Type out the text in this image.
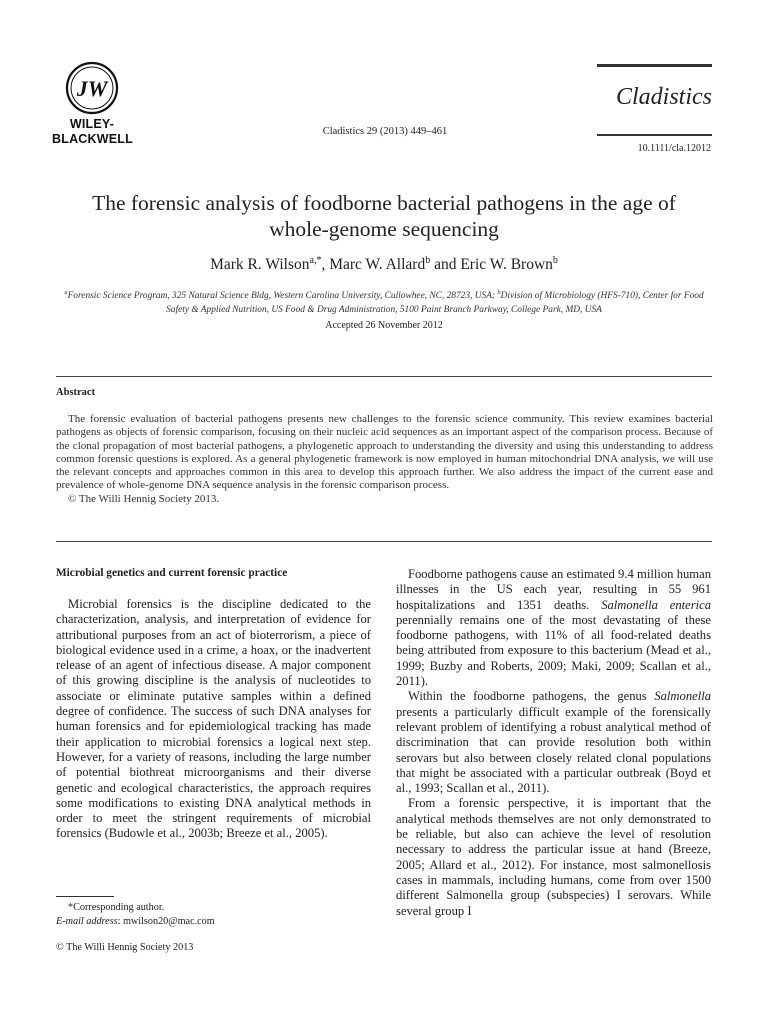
JW
WILEY-
BLACKWELL
Cladistics 29 (2013) 449–461
Cladistics
10.1111/cla.12012
The forensic analysis of foodborne bacterial pathogens in the age of
whole-genome sequencing
Mark R. Wilson$^{a,*}$, Marc W. Allard$^b$ and Eric W. Brown$^b$
$^a$Forensic Science Program, 325 Natural Science Bldg, Western Carolina University, Cullowhee, NC, 28723, USA; $^b$Division of Microbiology (HFS-710), Center for Food Safety & Applied Nutrition, US Food & Drug Administration, 5100 Paint Branch Parkway, College Park, MD, USA
Accepted 26 November 2012
Abstract

The forensic evaluation of bacterial pathogens presents new challenges to the forensic science community. This review examines bacterial pathogens as objects of forensic comparison, focusing on their nucleic acid sequences as an important aspect of the comparison process. Because of the clonal propagation of most bacterial pathogens, a phylogenetic approach to understanding the diversity and using this understanding to address common forensic questions is explored. As a general phylogenetic framework is now employed in human mitochondrial DNA analysis, we will use the relevant concepts and approaches common in this area to develop this approach further. We also address the impact of the current ease and prevalence of whole-genome DNA sequence analysis in the forensic comparison process.

© The Willi Hennig Society 2013.

Microbial genetics and current forensic practice

Microbial forensics is the discipline dedicated to the characterization, analysis, and interpretation of evidence for attributional purposes from an act of bioterrorism, a piece of biological evidence used in a crime, a hoax, or the inadvertent release of an agent of infectious disease. A major component of this growing discipline is the analysis of nucleotides to associate or eliminate putative samples within a defined degree of confidence. The success of such DNA analyses for human forensics and for epidemiological tracking has made their application to microbial forensics a logical next step. However, for a variety of reasons, including the large number of potential biothreat microorganisms and their diverse genetic and ecological characteristics, the approach requires some modifications to existing DNA analytical methods in order to meet the stringent requirements of microbial forensics (Budowle et al., 2003b; Breeze et al., 2005).

Foodborne pathogens cause an estimated 9.4 million human illnesses in the US each year, resulting in 55 961 hospitalizations and 1351 deaths. Salmonella enterica perennially remains one of the most devastating of these foodborne pathogens, with 11% of all food-related deaths being attributed from exposure to this bacterium (Mead et al., 1999; Buzby and Roberts, 2009; Maki, 2009; Scallan et al., 2011).

Within the foodborne pathogens, the genus Salmonella presents a particularly difficult example of the forensically relevant problem of identifying a robust analytical method of discrimination that can provide resolution both within serovars but also between closely related clonal populations that might be associated with a particular outbreak (Boyd et al., 1993; Scallan et al., 2011).

From a forensic perspective, it is important that the analytical methods themselves are not only demonstrated to be reliable, but also can achieve the level of resolution necessary to address the particular issue at hand (Breeze, 2005; Allard et al., 2012). For instance, most salmonellosis cases in mammals, including humans, come from over 1500 different Salmonella group (subspecies) I serovars. While several group I

*Corresponding author.
E-mail address: mwilson20@mac.com
© The Willi Hennig Society 2013
